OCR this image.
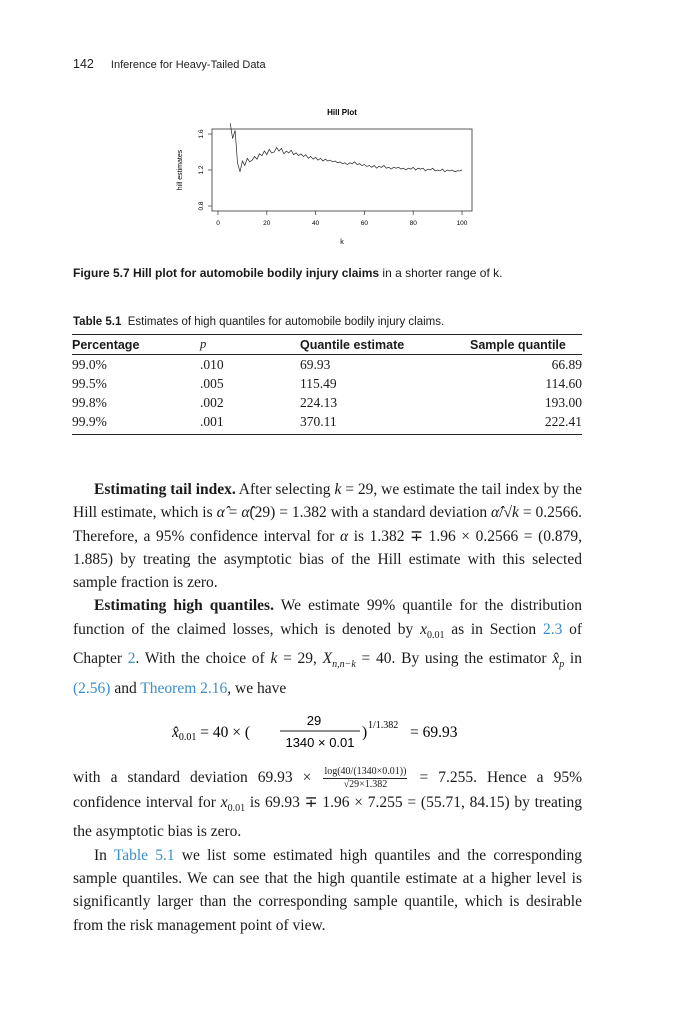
142 Inference for Heavy-Tailed Data
Hill Plot
hill estimates
k
0.8
1.2
1.6
0	20	40	60	80	100
Figure 5.7 Hill plot for automobile bodily injury claims in a shorter range of k.
Table 5.1 Estimates of high quantiles for automobile bodily injury claims.
Percentage	p	Quantile estimate	Sample quantile
99.0%	.010	69.93	66.89
99.5%	.005	115.49	114.60
99.8%	.002	224.13	193.00
99.9%	.001	370.11	222.41

Estimating tail index. After selecting k = 29, we estimate the tail index by the Hill estimate, which is α̂ = α̂(29) = 1.382 with a standard deviation α̂/√k = 0.2566. Therefore, a 95% confidence interval for α is 1.382 ∓ 1.96 × 0.2566 = (0.879, 1.885) by treating the asymptotic bias of the Hill estimate with this selected sample fraction is zero.

Estimating high quantiles. We estimate 99% quantile for the distribution function of the claimed losses, which is denoted by $x_{0.01}$ as in Section 2.3 of Chapter 2. With the choice of k = 29, $X_{n,n-k} = 40$. By using the estimator $x̂_p$ in (2.56) and Theorem 2.16, we have

x̂0.01 = 40 × (
29
1340 × 0.01
) 1/1.382 = 69.93

with a standard deviation $69.93 \times \frac{\log(40/(1340\times 0.01))}{√29\times 1.382} = 7.255$. Hence a 95% confidence interval for $x_{0.01}$ is 69.93 ∓ 1.96 × 7.255 = (55.71, 84.15) by treating the asymptotic bias is zero.

In Table 5.1 we list some estimated high quantiles and the corresponding sample quantiles. We can see that the high quantile estimate at a higher level is significantly larger than the corresponding sample quantile, which is desirable from the risk management point of view.
